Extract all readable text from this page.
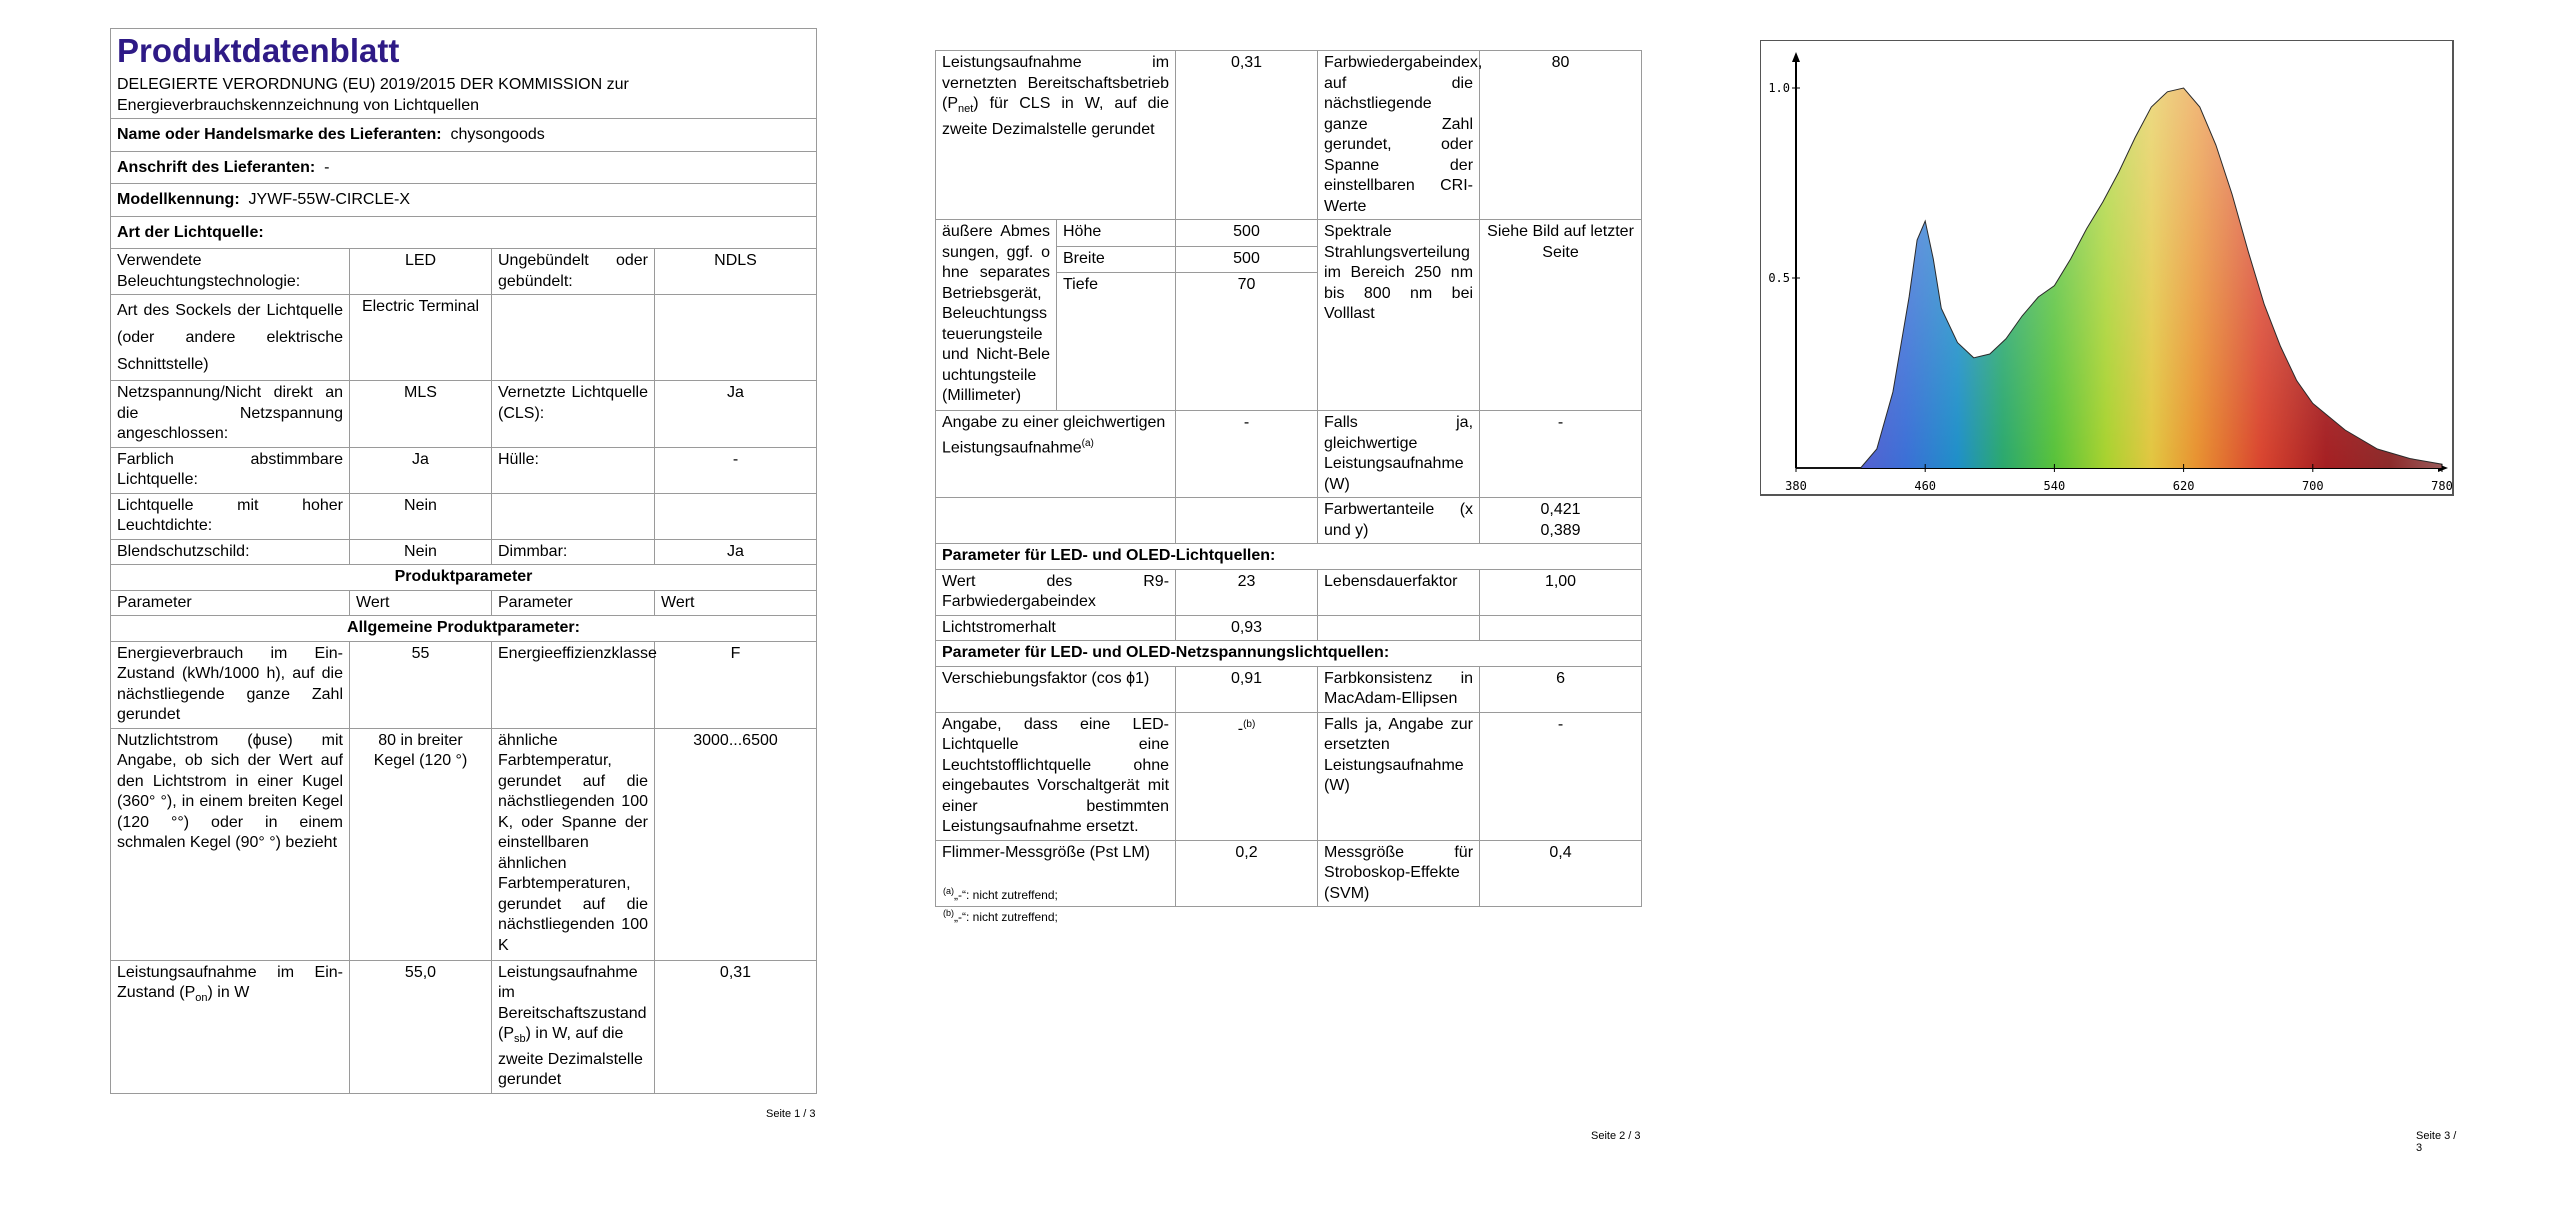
Produktdatenblatt
DELEGIERTE VERORDNUNG (EU) 2019/2015 DER KOMMISSION zur Energieverbrauchskennzeichnung von Lichtquellen			

Name oder Handelsmarke des Lieferanten: chysongoods			
Anschrift des Lieferanten: -			
Modellkennung: JYWF-55W-CIRCLE-X			
Art der Lichtquelle:			
Verwendete Beleuchtungstechnologie:	LED	Ungebündelt oder gebündelt:	NDLS
Art des Sockels der Lichtquelle (oder andere elektrische Schnittstelle)	Electric Terminal		
Netzspannung/Nicht direkt an die Netzspannung angeschlossen:	MLS	Vernetzte Lichtquelle (CLS):	Ja
Farblich abstimmbare Lichtquelle:	Ja	Hülle:	-
Lichtquelle mit hoher Leuchtdichte:	Nein		
Blendschutzschild:	Nein	Dimmbar:	Ja
Produktparameter			
Parameter	Wert	Parameter	Wert
Allgemeine Produktparameter:			
Energieverbrauch im Ein-Zustand (kWh/1000 h), auf die nächstliegende ganze Zahl gerundet	55	Energieeffizienzklasse	F
Nutzlichtstrom (ϕuse) mit Angabe, ob sich der Wert auf den Lichtstrom in einer Kugel (360° °), in einem breiten Kegel (120 °°) oder in einem schmalen Kegel (90° °) bezieht	80 in breiter Kegel (120 °)	ähnliche Farbtemperatur, gerundet auf die nächstliegenden 100 K, oder Spanne der einstellbaren ähnlichen Farbtemperaturen, gerundet auf die nächstliegenden 100 K	3000...6500
Leistungsaufnahme im Ein-Zustand $(P_{on})$ in W	55,0	Leistungsaufnahme im Bereitschaftszustand $(P_{sb})$ in W, auf die zweite Dezimalstelle gerundet	0,31
Seite 1 / 3
Leistungsaufnahme im vernetzten Bereitschaftsbetrieb $(P_{net})$ für CLS in W, auf die zweite Dezimalstelle gerundet		0,31	Farbwiedergabeindex, auf die nächstliegende ganze Zahl gerundet, oder Spanne der einstellbaren CRI-Werte	80
äußere Abmessungen, ggf. ohne separates Betriebsgerät, Beleuchtungssteuerungsteile und Nicht-Beleuchtungsteile (Millimeter)	Höhe	500	Spektrale Strahlungsverteilung im Bereich 250 nm bis 800 nm bei Volllast	Siehe Bild auf letzter Seite
	Breite	500		
	Tiefe	70		
Angabe zu einer gleichwertigen Leistungsaufnahme$^{(a)}$		-	Falls ja, gleichwertige Leistungsaufnahme (W)	-
			Farbwertanteile (x und y)	0,421
0,389

Parameter für LED- und OLED-Lichtquellen:				
Wert des R9-Farbwiedergabeindex		23	Lebensdauerfaktor	1,00
Lichtstromerhalt		0,93		
Parameter für LED- und OLED-Netzspannungslichtquellen:				
Verschiebungsfaktor (cos ϕ1)		0,91	Farbkonsistenz in MacAdam-Ellipsen	6
Angabe, dass eine LED-Lichtquelle eine Leuchtstofflichtquelle ohne eingebautes Vorschaltgerät mit einer bestimmten Leistungsaufnahme ersetzt.		-$^{(b)}$	Falls ja, Angabe zur ersetzten Leistungsaufnahme (W)	-
Flimmer-Messgröße (Pst LM)		0,2	Messgröße für Stroboskop-Effekte (SVM)	0,4
$^{(a)}$„-“: nicht zutreffend;
$^{(b)}$„-“: nicht zutreffend;
Seite 2 / 3
380	460	540	620	700	780
1.0
0.5
Seite 3 / 3
